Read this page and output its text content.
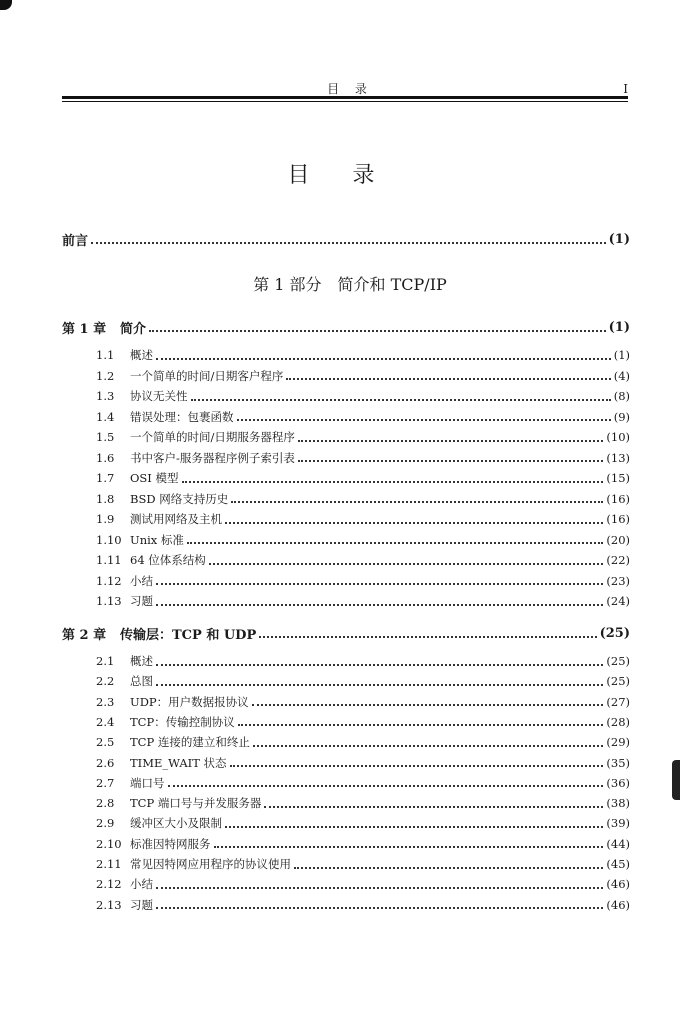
目 录	I
目 录
前言	(1)
第 1 部分　简介和 TCP/IP
第 1 章	简介	(1)
1.1	概述	(1)
1.2	一个简单的时间/日期客户程序	(4)
1.3	协议无关性	(8)
1.4	错误处理：包裹函数	(9)
1.5	一个简单的时间/日期服务器程序	(10)
1.6	书中客户-服务器程序例子索引表	(13)
1.7	OSI 模型	(15)
1.8	BSD 网络支持历史	(16)
1.9	测试用网络及主机	(16)
1.10 Unix 标准	(20)
1.11 64 位体系结构	(22)
1.12 小结	(23)
1.13 习题	(24)
第 2 章	传输层：TCP 和 UDP	(25)
2.1	概述	(25)
2.2	总图	(25)
2.3	UDP：用户数据报协议	(27)
2.4	TCP：传输控制协议	(28)
2.5	TCP 连接的建立和终止	(29)
2.6	TIME_WAIT 状态	(35)
2.7	端口号	(36)
2.8	TCP 端口号与并发服务器	(38)
2.9	缓冲区大小及限制	(39)
2.10 标准因特网服务	(44)
2.11 常见因特网应用程序的协议使用	(45)
2.12 小结	(46)
2.13 习题	(46)
